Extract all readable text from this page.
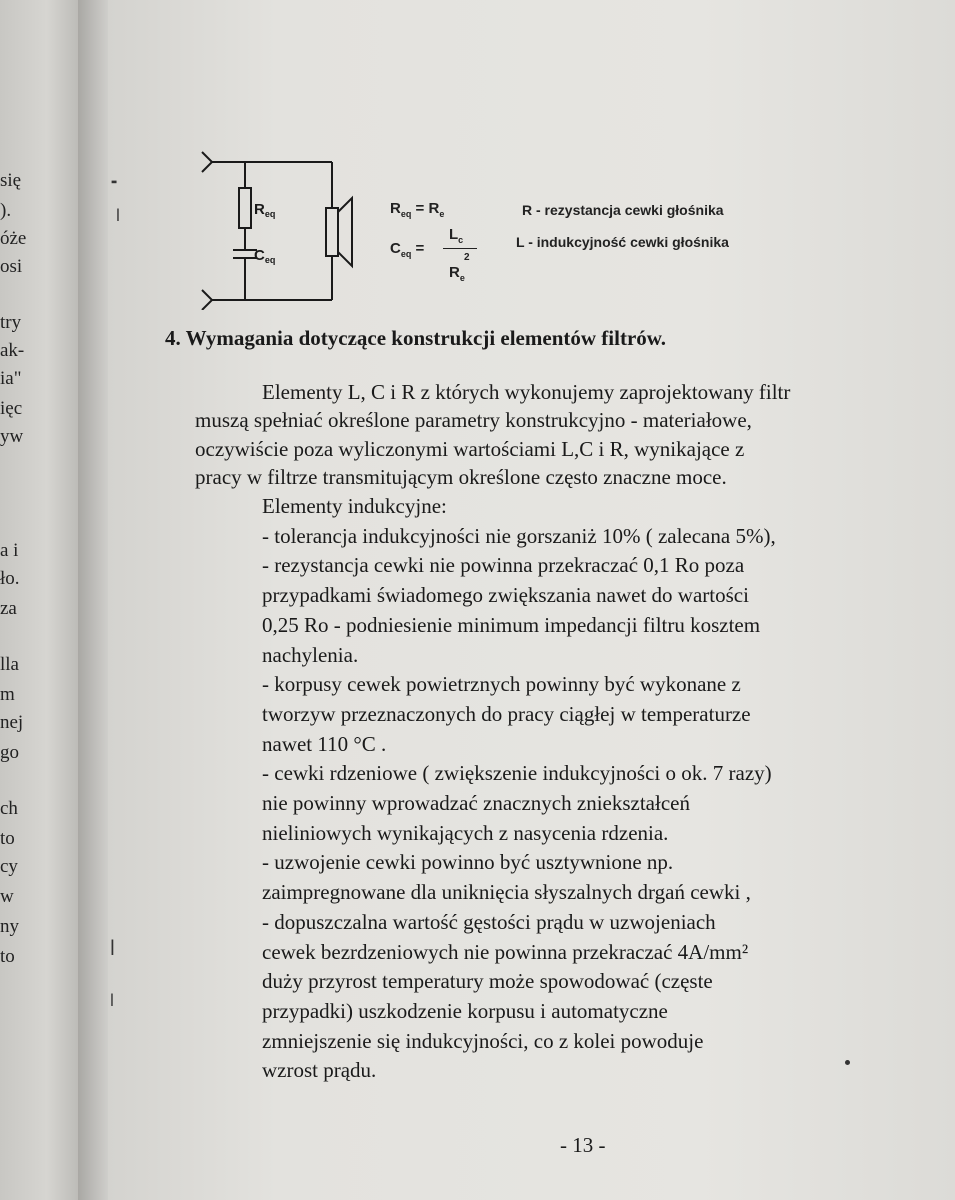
się
).
óże
osi
try
ak-
ia"
ięc
yw
a i
ło.
za
lla
m
nej
go
ch
to
cy
w
ny
to
᠊
$R_{eq}$
$C_{eq}$
$R_{eq} = R_e$
$C_{eq}$ =
$L_c$
$R_e$
2
R - rezystancja cewki głośnika
L - indukcyjność cewki głośnika
4. Wymagania dotyczące konstrukcji elementów filtrów.
Elementy L, C i R z których wykonujemy zaprojektowany filtr
muszą spełniać określone parametry konstrukcyjno - materiałowe,
oczywiście poza wyliczonymi wartościami L,C i R, wynikające z
pracy w filtrze transmitującym określone często znaczne moce.
Elementy indukcyjne:
- tolerancja indukcyjności nie gorszaniż 10% ( zalecana 5%),
- rezystancja cewki nie powinna przekraczać 0,1 Ro poza
przypadkami świadomego zwiększania nawet do wartości
0,25 Ro - podniesienie minimum impedancji filtru kosztem
nachylenia.
- korpusy cewek powietrznych powinny być wykonane z
tworzyw przeznaczonych do pracy ciągłej w temperaturze
nawet 110 °C .
- cewki rdzeniowe ( zwiększenie indukcyjności o ok. 7 razy)
nie powinny wprowadzać znacznych zniekształceń
nieliniowych wynikających z nasycenia rdzenia.
- uzwojenie cewki powinno być usztywnione np.
zaimpregnowane dla uniknięcia słyszalnych drgań cewki ,
- dopuszczalna wartość gęstości prądu w uzwojeniach
cewek bezrdzeniowych nie powinna przekraczać 4A/mm²
duży przyrost temperatury może spowodować (częste
przypadki) uszkodzenie korpusu i automatyczne
zmniejszenie się indukcyjności, co z kolei powoduje
wzrost prądu.
ǀ
ǀ
ǀ
- 13 -
